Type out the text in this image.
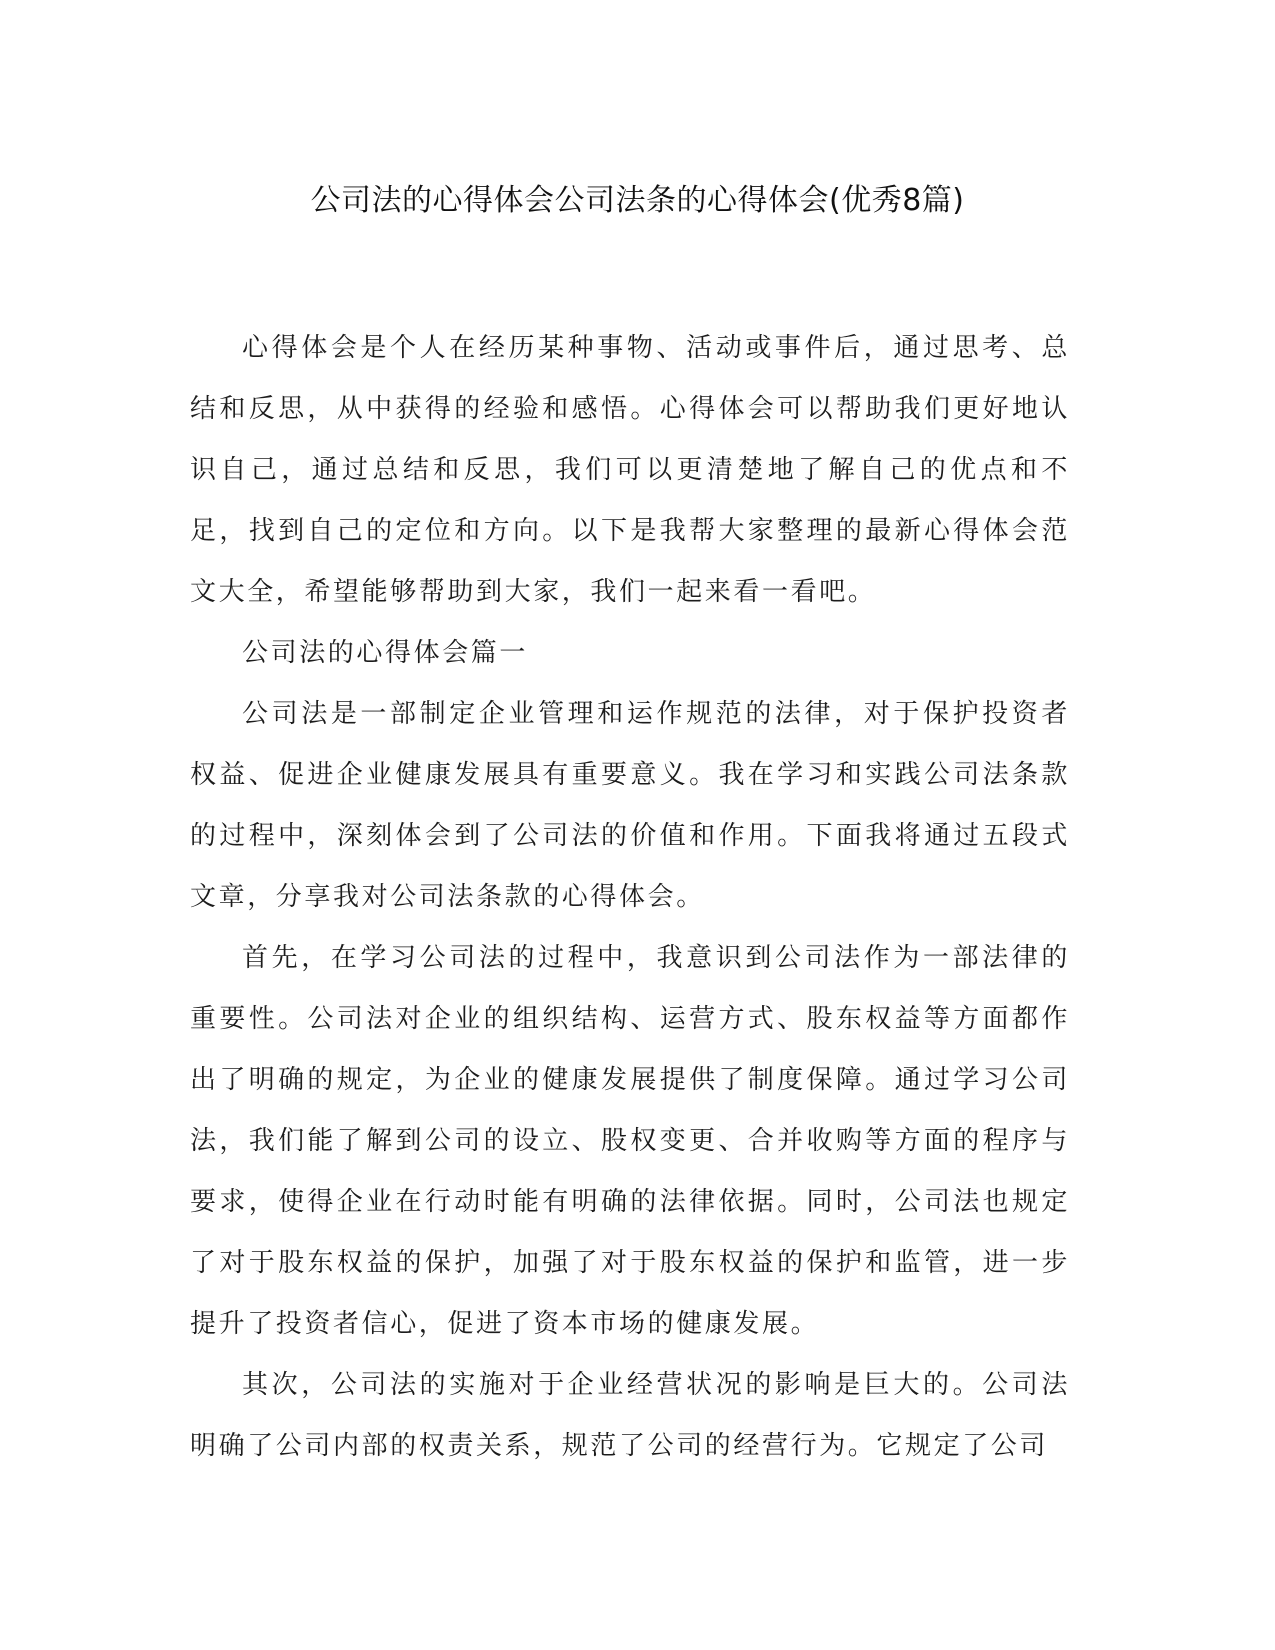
公司法的心得体会公司法条的心得体会(优秀8篇)

心得体会是个人在经历某种事物、活动或事件后，通过思考、总结和反思，从中获得的经验和感悟。心得体会可以帮助我们更好地认识自己，通过总结和反思，我们可以更清楚地了解自己的优点和不足，找到自己的定位和方向。以下是我帮大家整理的最新心得体会范文大全，希望能够帮助到大家，我们一起来看一看吧。

公司法的心得体会篇一

公司法是一部制定企业管理和运作规范的法律，对于保护投资者权益、促进企业健康发展具有重要意义。我在学习和实践公司法条款的过程中，深刻体会到了公司法的价值和作用。下面我将通过五段式文章，分享我对公司法条款的心得体会。

首先，在学习公司法的过程中，我意识到公司法作为一部法律的重要性。公司法对企业的组织结构、运营方式、股东权益等方面都作出了明确的规定，为企业的健康发展提供了制度保障。通过学习公司法，我们能了解到公司的设立、股权变更、合并收购等方面的程序与要求，使得企业在行动时能有明确的法律依据。同时，公司法也规定了对于股东权益的保护，加强了对于股东权益的保护和监管，进一步提升了投资者信心，促进了资本市场的健康发展。

其次，公司法的实施对于企业经营状况的影响是巨大的。公司法明确了公司内部的权责关系，规范了公司的经营行为。它规定了公司
